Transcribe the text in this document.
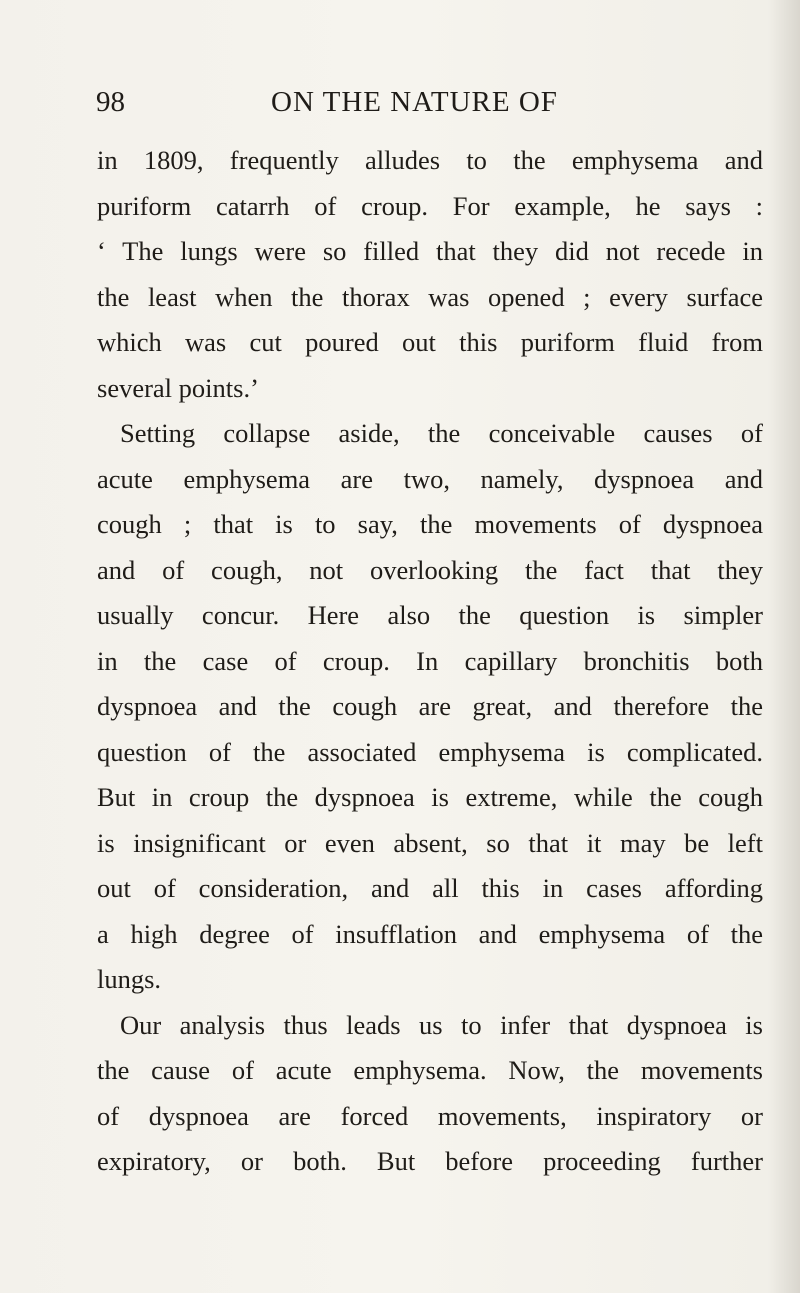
98	ON THE NATURE OF
in 1809, frequently alludes to the emphysema and
puriform catarrh of croup. For example, he says :
‘ The lungs were so filled that they did not recede in
the least when the thorax was opened ; every surface
which was cut poured out this puriform fluid from
several points.’
Setting collapse aside, the conceivable causes of
acute emphysema are two, namely, dyspnoea and
cough ; that is to say, the movements of dyspnoea
and of cough, not overlooking the fact that they
usually concur. Here also the question is simpler
in the case of croup. In capillary bronchitis both
dyspnoea and the cough are great, and therefore the
question of the associated emphysema is complicated.
But in croup the dyspnoea is extreme, while the cough
is insignificant or even absent, so that it may be left
out of consideration, and all this in cases affording
a high degree of insufflation and emphysema of the
lungs.
Our analysis thus leads us to infer that dyspnoea is
the cause of acute emphysema. Now, the movements
of dyspnoea are forced movements, inspiratory or
expiratory, or both. But before proceeding further
